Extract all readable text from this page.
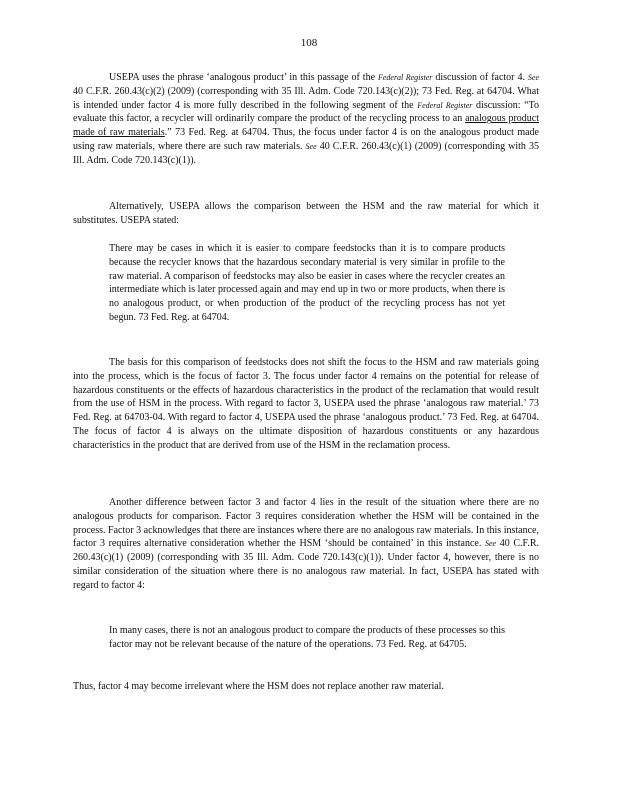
108

USEPA uses the phrase ‘analogous product’ in this passage of the Federal Register discussion of factor 4. See 40 C.F.R. 260.43(c)(2) (2009) (corresponding with 35 Ill. Adm. Code 720.143(c)(2)); 73 Fed. Reg. at 64704. What is intended under factor 4 is more fully described in the following segment of the Federal Register discussion: “To evaluate this factor, a recycler will ordinarily compare the product of the recycling process to an analogous product made of raw materials.” 73 Fed. Reg. at 64704. Thus, the focus under factor 4 is on the analogous product made using raw materials, where there are such raw materials. See 40 C.F.R. 260.43(c)(1) (2009) (corresponding with 35 Ill. Adm. Code 720.143(c)(1)).

Alternatively, USEPA allows the comparison between the HSM and the raw material for which it substitutes. USEPA stated:

There may be cases in which it is easier to compare feedstocks than it is to compare products because the recycler knows that the hazardous secondary material is very similar in profile to the raw material. A comparison of feedstocks may also be easier in cases where the recycler creates an intermediate which is later processed again and may end up in two or more products, when there is no analogous product, or when production of the product of the recycling process has not yet begun. 73 Fed. Reg. at 64704.

The basis for this comparison of feedstocks does not shift the focus to the HSM and raw materials going into the process, which is the focus of factor 3. The focus under factor 4 remains on the potential for release of hazardous constituents or the effects of hazardous characteristics in the product of the reclamation that would result from the use of HSM in the process. With regard to factor 3, USEPA used the phrase ‘analogous raw material.’ 73 Fed. Reg. at 64703-04. With regard to factor 4, USEPA used the phrase ‘analogous product.’ 73 Fed. Reg. at 64704. The focus of factor 4 is always on the ultimate disposition of hazardous constituents or any hazardous characteristics in the product that are derived from use of the HSM in the reclamation process.

Another difference between factor 3 and factor 4 lies in the result of the situation where there are no analogous products for comparison. Factor 3 requires consideration whether the HSM will be contained in the process. Factor 3 acknowledges that there are instances where there are no analogous raw materials. In this instance, factor 3 requires alternative consideration whether the HSM ‘should be contained’ in this instance. See 40 C.F.R. 260.43(c)(1) (2009) (corresponding with 35 Ill. Adm. Code 720.143(c)(1)). Under factor 4, however, there is no similar consideration of the situation where there is no analogous raw material. In fact, USEPA has stated with regard to factor 4:

In many cases, there is not an analogous product to compare the products of these processes so this factor may not be relevant because of the nature of the operations. 73 Fed. Reg. at 64705.

Thus, factor 4 may become irrelevant where the HSM does not replace another raw material.
